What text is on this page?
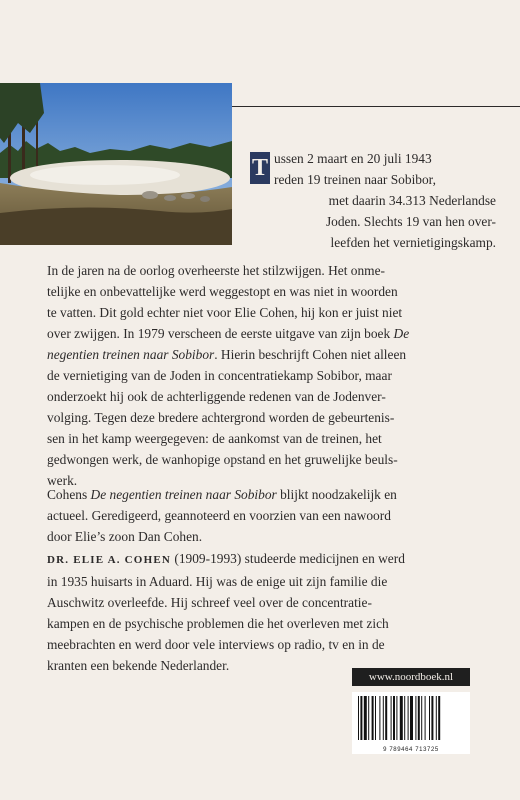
T ussen 2 maart en 20 juli 1943
reden 19 treinen naar Sobibor,
met daarin 34.313 Nederlandse
Joden. Slechts 19 van hen over-
leefden het vernietigingskamp.
In de jaren na de oorlog overheerste het stilzwijgen. Het onme-
telijke en onbevattelijke werd weggestopt en was niet in woorden
te vatten. Dit gold echter niet voor Elie Cohen, hij kon er juist niet
over zwijgen. In 1979 verscheen de eerste uitgave van zijn boek De
negentien treinen naar Sobibor. Hierin beschrijft Cohen niet alleen
de vernietiging van de Joden in concentratiekamp Sobibor, maar
onderzoekt hij ook de achterliggende redenen van de Jodenver-
volging. Tegen deze bredere achtergrond worden de gebeurtenis-
sen in het kamp weergegeven: de aankomst van de treinen, het
gedwongen werk, de wanhopige opstand en het gruwelijke beuls-
werk.
Cohens De negentien treinen naar Sobibor blijkt noodzakelijk en
actueel. Geredigeerd, geannoteerd en voorzien van een nawoord
door Elie’s zoon Dan Cohen.
DR. ELIE A. COHEN (1909-1993) studeerde medicijnen en werd
in 1935 huisarts in Aduard. Hij was de enige uit zijn familie die
Auschwitz overleefde. Hij schreef veel over de concentratie-
kampen en de psychische problemen die het overleven met zich
meebrachten en werd door vele interviews op radio, tv en in de
kranten een bekende Nederlander.
www.noordboek.nl
9 789464 713725
